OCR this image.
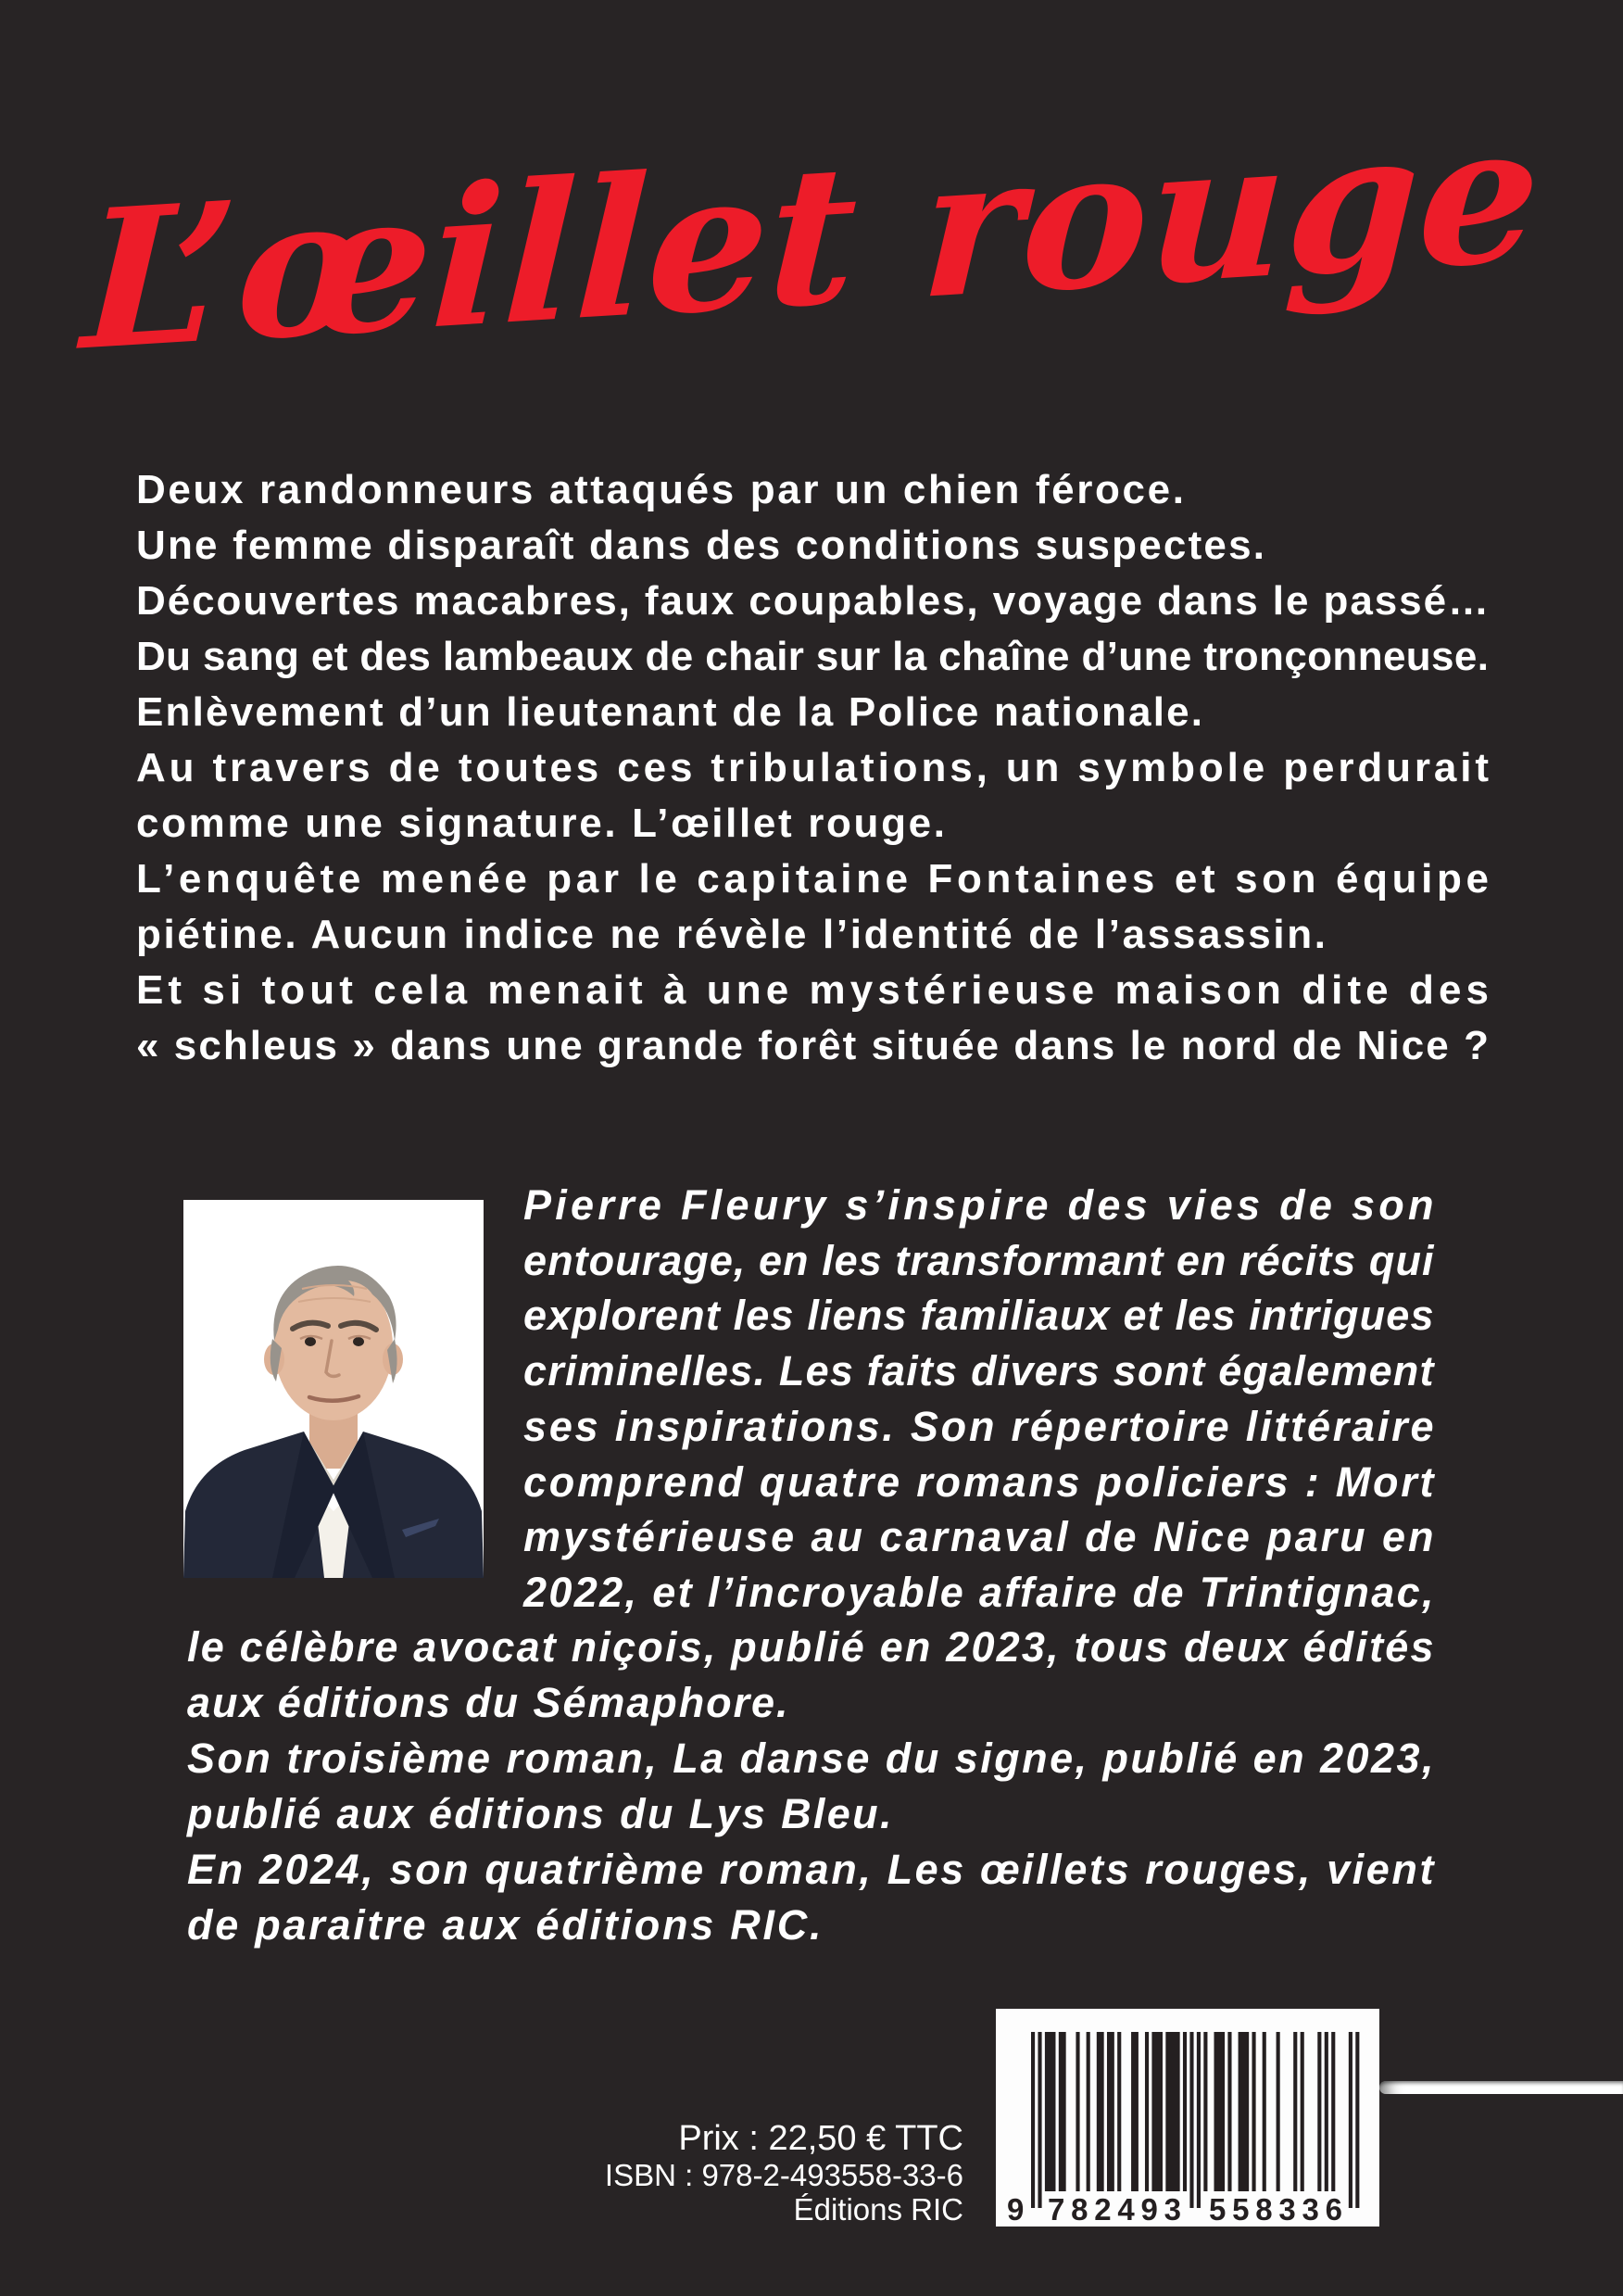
L’œillet rouge
Deux randonneurs attaqués par un chien féroce.
Une femme disparaît dans des conditions suspectes.
Découvertes macabres, faux coupables, voyage dans le passé…
Du sang et des lambeaux de chair sur la chaîne d’une tronçonneuse.
Enlèvement d’un lieutenant de la Police nationale.
Au travers de toutes ces tribulations, un symbole perdurait
comme une signature. L’œillet rouge.
L’enquête menée par le capitaine Fontaines et son équipe
piétine. Aucun indice ne révèle l’identité de l’assassin.
Et si tout cela menait à une mystérieuse maison dite des
« schleus » dans une grande forêt située dans le nord de Nice ?
Pierre Fleury s’inspire des vies de son
entourage, en les transformant en récits qui
explorent les liens familiaux et les intrigues
criminelles. Les faits divers sont également
ses inspirations. Son répertoire littéraire
comprend quatre romans policiers : Mort
mystérieuse au carnaval de Nice paru en
2022, et l’incroyable affaire de Trintignac,
le célèbre avocat niçois, publié en 2023, tous deux édités
aux éditions du Sémaphore.
Son troisième roman, La danse du signe, publié en 2023,
publié aux éditions du Lys Bleu.
En 2024, son quatrième roman, Les œillets rouges, vient
de paraitre aux éditions RIC.
Prix : 22,50 € TTC
ISBN : 978-2-493558-33-6
Éditions RIC 9 782493 558336
